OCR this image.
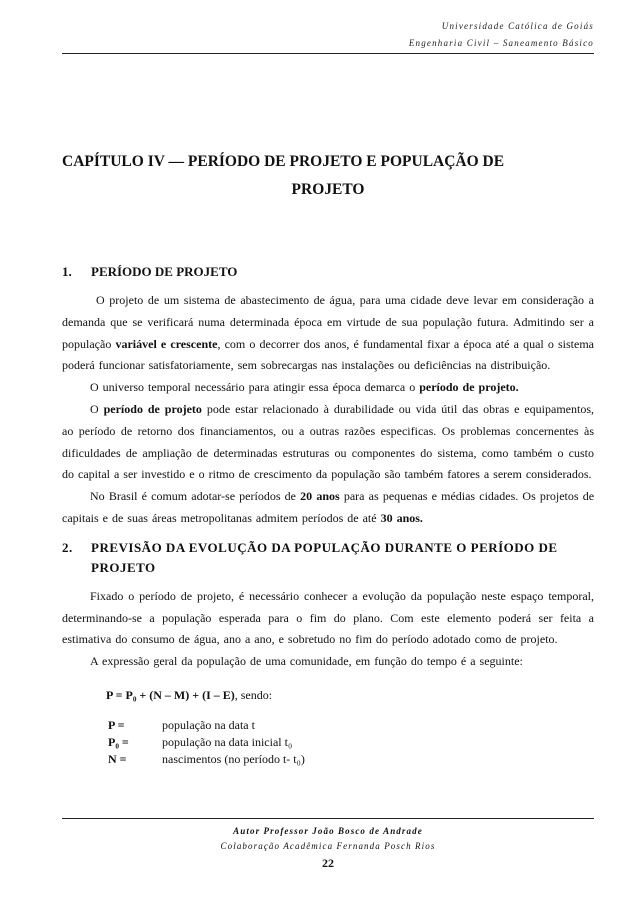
Universidade Católica de Goiás
Engenharia Civil – Saneamento Básico
CAPÍTULO IV — PERÍODO DE PROJETO E POPULAÇÃO DE
PROJETO
1. PERÍODO DE PROJETO

O projeto de um sistema de abastecimento de água, para uma cidade deve levar em consideração a demanda que se verificará numa determinada época em virtude de sua população futura. Admitindo ser a população variável e crescente, com o decorrer dos anos, é fundamental fixar a época até a qual o sistema poderá funcionar satisfatoriamente, sem sobrecargas nas instalações ou deficiências na distribuição.

O universo temporal necessário para atingir essa época demarca o período de projeto.

O período de projeto pode estar relacionado à durabilidade ou vida útil das obras e equipamentos, ao período de retorno dos financiamentos, ou a outras razões especificas. Os problemas concernentes às dificuldades de ampliação de determinadas estruturas ou componentes do sistema, como também o custo do capital a ser investido e o ritmo de crescimento da população são também fatores a serem considerados.

No Brasil é comum adotar-se períodos de 20 anos para as pequenas e médias cidades. Os projetos de capitais e de suas áreas metropolitanas admitem períodos de até 30 anos.

2. PREVISÃO DA EVOLUÇÃO DA POPULAÇÃO DURANTE O PERÍODO DE
PROJETO

Fixado o período de projeto, é necessário conhecer a evolução da população neste espaço temporal, determinando-se a população esperada para o fim do plano. Com este elemento poderá ser feita a estimativa do consumo de água, ano a ano, e sobretudo no fim do período adotado como de projeto.

A expressão geral da população de uma comunidade, em função do tempo é a seguinte:

P = P₀ + (N – M) + (I – E), sendo:
P =	população na data t
P₀ =	população na data inicial t₀
N =	nascimentos (no período t- t₀)
Autor Professor João Bosco de Andrade
Colaboração Acadêmica Fernanda Posch Rios
22
